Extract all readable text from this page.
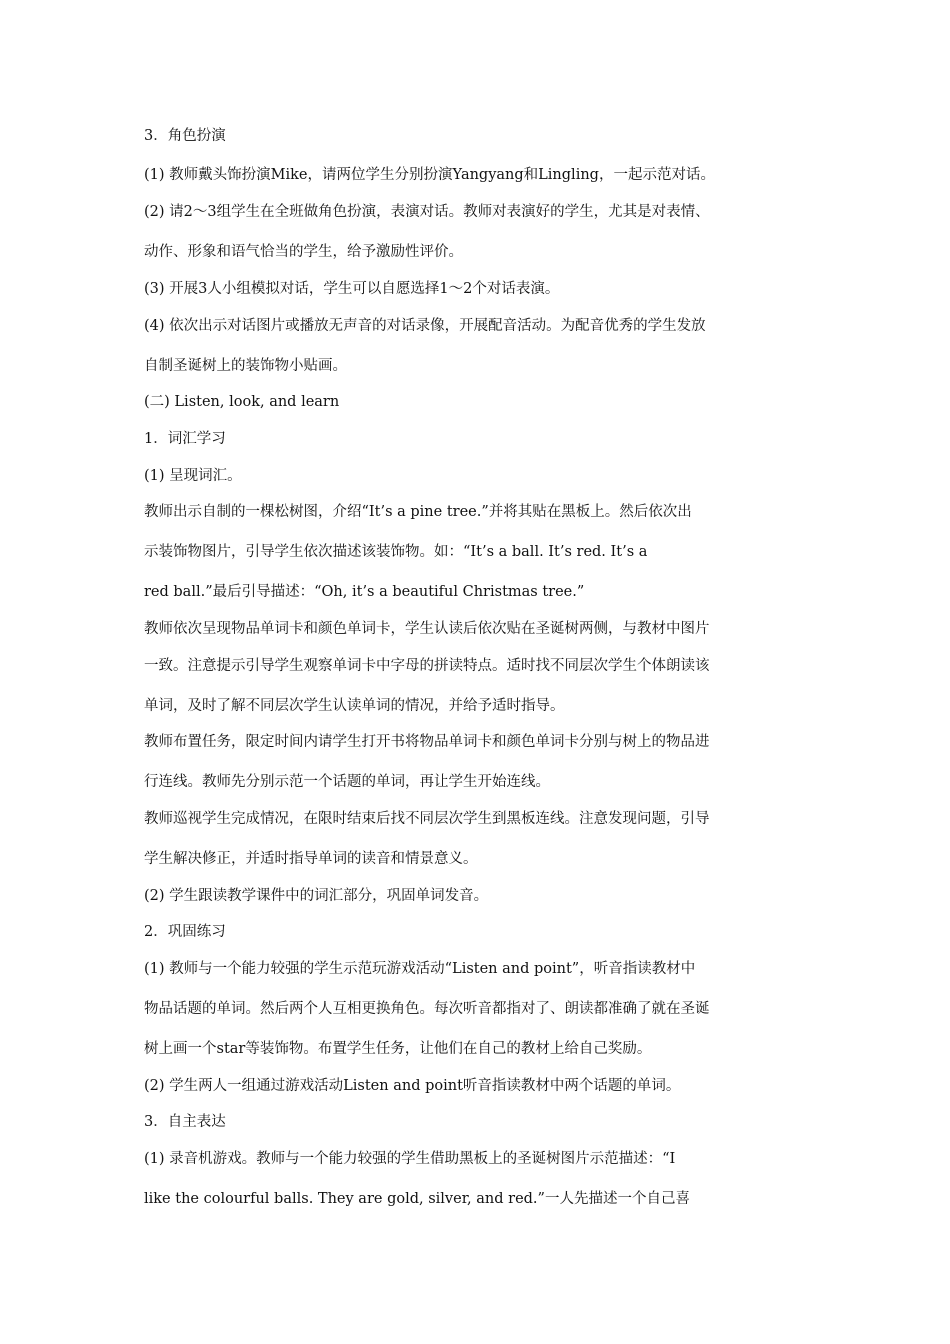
3．角色扮演
(1) 教师戴头饰扮演Mike，请两位学生分别扮演Yangyang和Lingling，一起示范对话。
(2) 请2～3组学生在全班做角色扮演，表演对话。教师对表演好的学生，尤其是对表情、
动作、形象和语气恰当的学生，给予激励性评价。
(3) 开展3人小组模拟对话，学生可以自愿选择1～2个对话表演。
(4) 依次出示对话图片或播放无声音的对话录像，开展配音活动。为配音优秀的学生发放
自制圣诞树上的装饰物小贴画。
(二) Listen, look, and learn
1．词汇学习
(1) 呈现词汇。
教师出示自制的一棵松树图，介绍“It’s a pine tree.”并将其贴在黑板上。然后依次出
示装饰物图片，引导学生依次描述该装饰物。如：“It’s a ball. It’s red. It’s a
red ball.”最后引导描述：“Oh, it’s a beautiful Christmas tree.”
教师依次呈现物品单词卡和颜色单词卡，学生认读后依次贴在圣诞树两侧，与教材中图片
一致。注意提示引导学生观察单词卡中字母的拼读特点。适时找不同层次学生个体朗读该
单词，及时了解不同层次学生认读单词的情况，并给予适时指导。
教师布置任务，限定时间内请学生打开书将物品单词卡和颜色单词卡分别与树上的物品进
行连线。教师先分别示范一个话题的单词，再让学生开始连线。
教师巡视学生完成情况，在限时结束后找不同层次学生到黑板连线。注意发现问题，引导
学生解决修正，并适时指导单词的读音和情景意义。
(2) 学生跟读教学课件中的词汇部分，巩固单词发音。
2．巩固练习
(1) 教师与一个能力较强的学生示范玩游戏活动“Listen and point”，听音指读教材中
物品话题的单词。然后两个人互相更换角色。每次听音都指对了、朗读都准确了就在圣诞
树上画一个star等装饰物。布置学生任务，让他们在自己的教材上给自己奖励。
(2) 学生两人一组通过游戏活动Listen and point听音指读教材中两个话题的单词。
3．自主表达
(1) 录音机游戏。教师与一个能力较强的学生借助黑板上的圣诞树图片示范描述：“I
like the colourful balls. They are gold, silver, and red.”一人先描述一个自己喜
